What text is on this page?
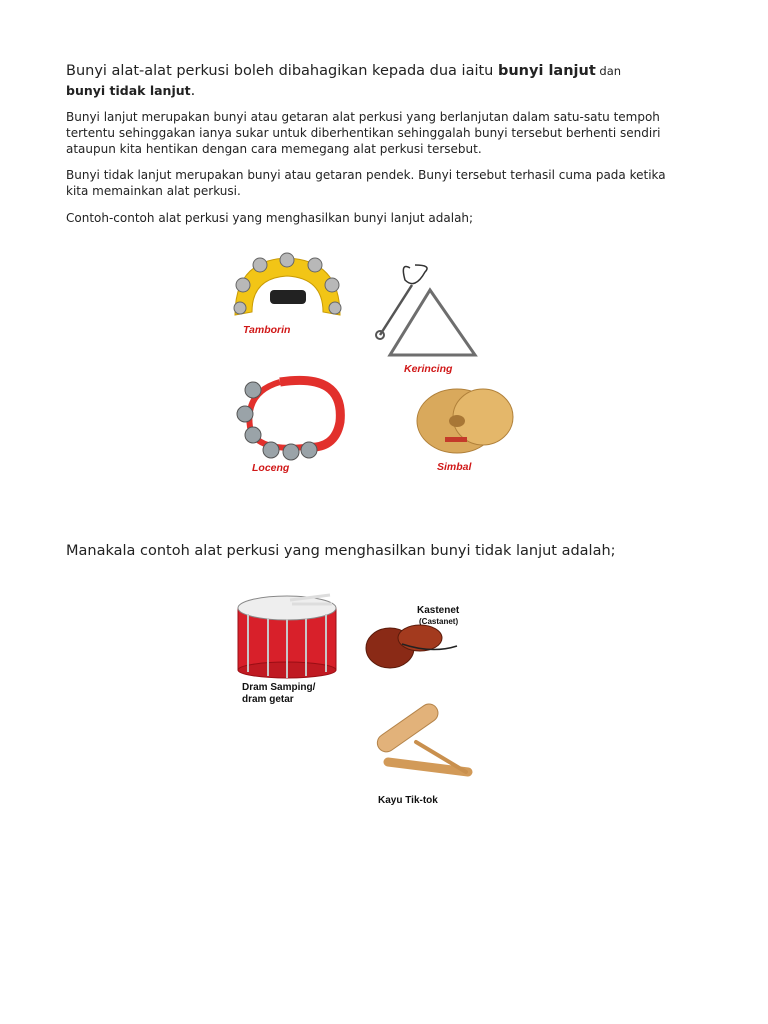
Bunyi alat-alat perkusi boleh dibahagikan kepada dua iaitu bunyi lanjut dan
bunyi tidak lanjut.

Bunyi lanjut merupakan bunyi atau getaran alat perkusi yang berlanjutan dalam satu-satu tempoh tertentu sehinggakan ianya sukar untuk diberhentikan sehinggalah bunyi tersebut berhenti sendiri ataupun kita hentikan dengan cara memegang alat perkusi tersebut.

Bunyi tidak lanjut merupakan bunyi atau getaran pendek. Bunyi tersebut terhasil cuma pada ketika kita memainkan alat perkusi.

Contoh-contoh alat perkusi yang menghasilkan bunyi lanjut adalah;

Tamborin
Kerincing
Loceng	Simbal

Manakala contoh alat perkusi yang menghasilkan bunyi tidak lanjut adalah;

Dram Samping/
dram getar
Kastenet
(Castanet)
Kayu Tik-tok
